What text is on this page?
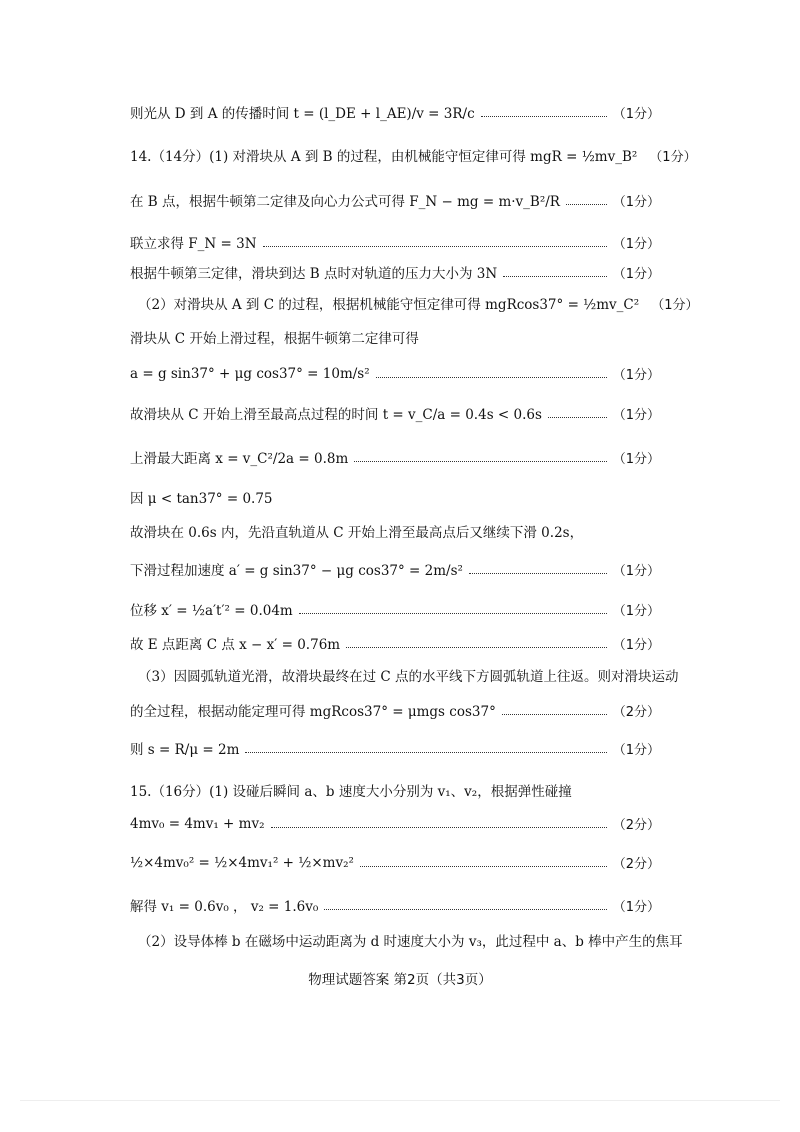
则光从 D 到 A 的传播时间 t = (l_DE + l_AE)/v = 3R/c	（1分）
14.（14分）(1) 对滑块从 A 到 B 的过程，由机械能守恒定律可得 mgR = ½mv_B² （1分）
在 B 点，根据牛顿第二定律及向心力公式可得 F_N − mg = m·v_B²/R	（1分）
联立求得 F_N = 3N	（1分）
根据牛顿第三定律，滑块到达 B 点时对轨道的压力大小为 3N	（1分）
（2）对滑块从 A 到 C 的过程，根据机械能守恒定律可得 mgRcos37° = ½mv_C² （1分）
滑块从 C 开始上滑过程，根据牛顿第二定律可得
a = g sin37° + μg cos37° = 10m/s²	（1分）
故滑块从 C 开始上滑至最高点过程的时间 t = v_C/a = 0.4s < 0.6s	（1分）
上滑最大距离 x = v_C²/2a = 0.8m	（1分）
因 μ < tan37° = 0.75
故滑块在 0.6s 内，先沿直轨道从 C 开始上滑至最高点后又继续下滑 0.2s，
下滑过程加速度 a′ = g sin37° − μg cos37° = 2m/s²	（1分）
位移 x′ = ½a′t′² = 0.04m	（1分）
故 E 点距离 C 点 x − x′ = 0.76m	（1分）
（3）因圆弧轨道光滑，故滑块最终在过 C 点的水平线下方圆弧轨道上往返。则对滑块运动
的全过程，根据动能定理可得 mgRcos37° = μmgs cos37°	（2分）
则 s = R/μ = 2m	（1分）
15.（16分）(1) 设碰后瞬间 a、b 速度大小分别为 v₁、v₂，根据弹性碰撞
4mv₀ = 4mv₁ + mv₂	（2分）
½×4mv₀² = ½×4mv₁² + ½×mv₂²	（2分）
解得 v₁ = 0.6v₀ ， v₂ = 1.6v₀	（1分）
（2）设导体棒 b 在磁场中运动距离为 d 时速度大小为 v₃，此过程中 a、b 棒中产生的焦耳
物理试题答案 第2页（共3页）
